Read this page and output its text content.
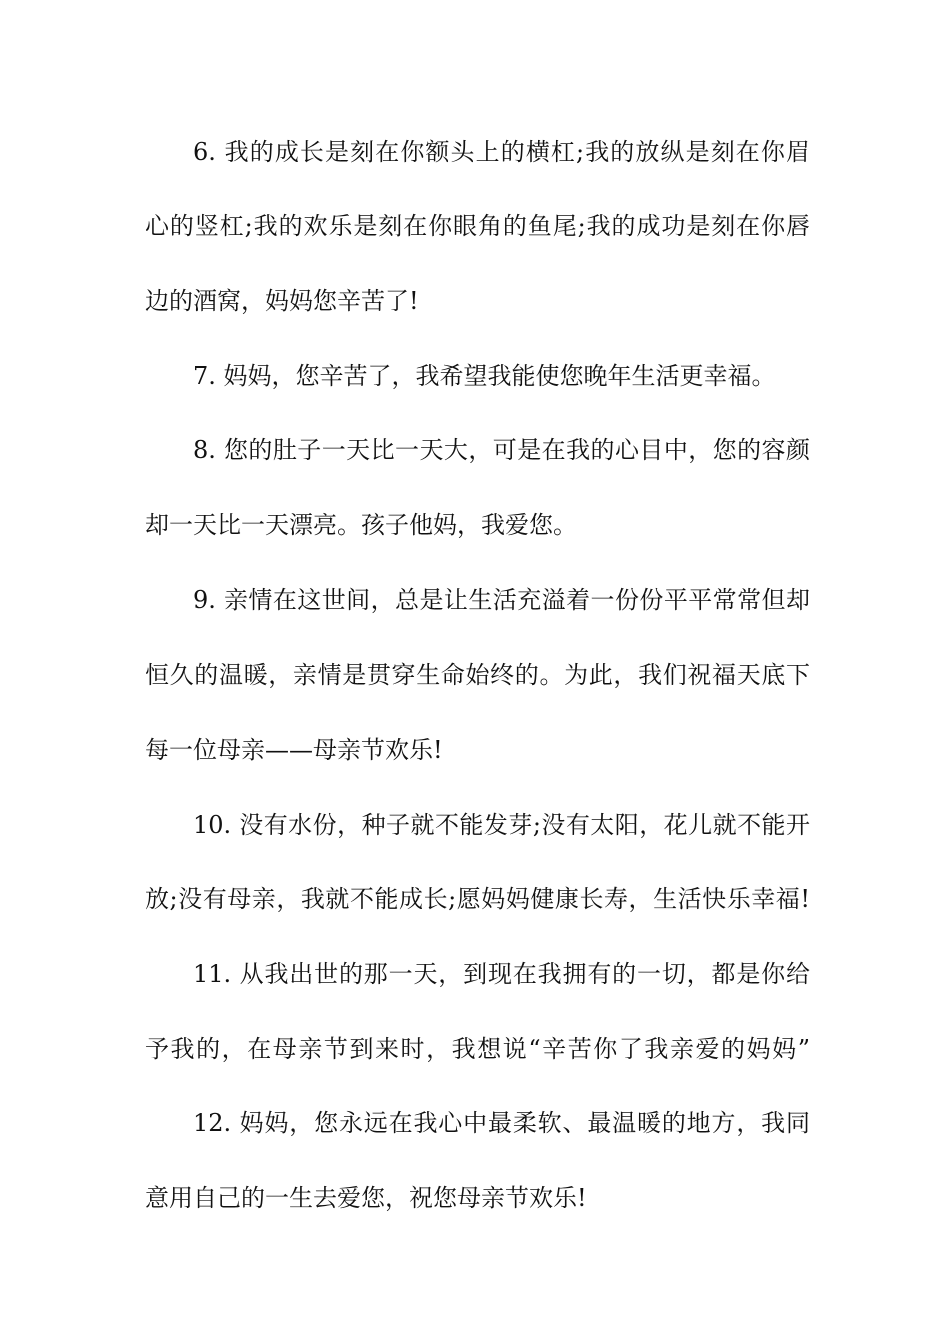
6. 我的成长是刻在你额头上的横杠;我的放纵是刻在你眉
心的竖杠;我的欢乐是刻在你眼角的鱼尾;我的成功是刻在你唇
边的酒窝，妈妈您辛苦了!
7. 妈妈，您辛苦了，我希望我能使您晚年生活更幸福。
8. 您的肚子一天比一天大，可是在我的心目中，您的容颜
却一天比一天漂亮。孩子他妈，我爱您。
9. 亲情在这世间，总是让生活充溢着一份份平平常常但却
恒久的温暖，亲情是贯穿生命始终的。为此，我们祝福天底下
每一位母亲——母亲节欢乐!
10. 没有水份，种子就不能发芽;没有太阳，花儿就不能开
放;没有母亲，我就不能成长;愿妈妈健康长寿，生活快乐幸福!
11. 从我出世的那一天，到现在我拥有的一切，都是你给
予我的，在母亲节到来时，我想说“辛苦你了我亲爱的妈妈”
12. 妈妈，您永远在我心中最柔软、最温暖的地方，我同
意用自己的一生去爱您，祝您母亲节欢乐!
